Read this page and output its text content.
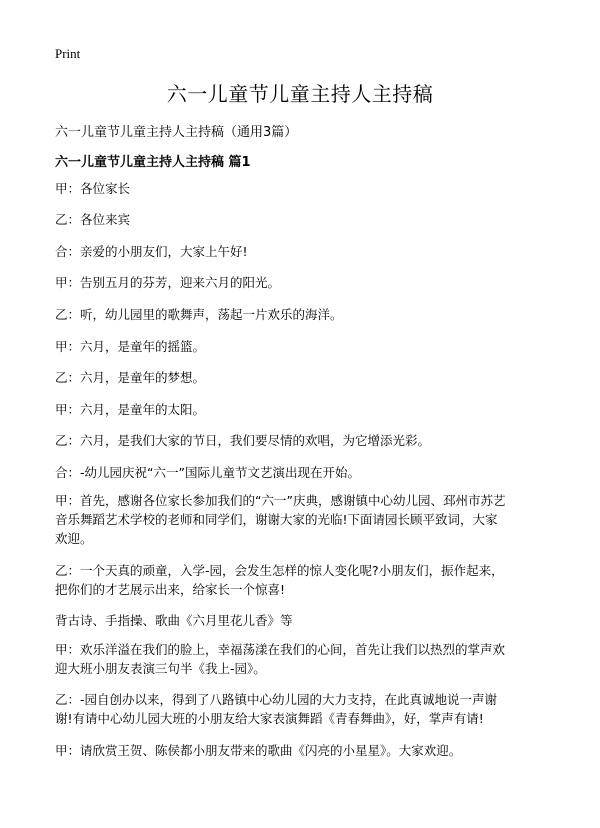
Print
六一儿童节儿童主持人主持稿
六一儿童节儿童主持人主持稿（通用3篇）
六一儿童节儿童主持人主持稿 篇1
甲：各位家长
乙：各位来宾
合：亲爱的小朋友们，大家上午好!
甲：告别五月的芬芳，迎来六月的阳光。
乙：听，幼儿园里的歌舞声，荡起一片欢乐的海洋。
甲：六月，是童年的摇篮。
乙：六月，是童年的梦想。
甲：六月，是童年的太阳。
乙：六月，是我们大家的节日，我们要尽情的欢唱，为它增添光彩。
合：-幼儿园庆祝“六一”国际儿童节文艺演出现在开始。
甲：首先，感谢各位家长参加我们的“六一”庆典，感谢镇中心幼儿园、邳州市苏艺
音乐舞蹈艺术学校的老师和同学们，谢谢大家的光临!下面请园长顾平致词，大家
欢迎。
乙：一个天真的顽童，入学-园，会发生怎样的惊人变化呢?小朋友们，振作起来，
把你们的才艺展示出来，给家长一个惊喜!
背古诗、手指操、歌曲《六月里花儿香》等
甲：欢乐洋溢在我们的脸上，幸福荡漾在我们的心间，首先让我们以热烈的掌声欢
迎大班小朋友表演三句半《我上-园》。
乙：-园自创办以来，得到了八路镇中心幼儿园的大力支持，在此真诚地说一声谢
谢!有请中心幼儿园大班的小朋友给大家表演舞蹈《青春舞曲》，好，掌声有请!
甲：请欣赏王贺、陈侯都小朋友带来的歌曲《闪亮的小星星》。大家欢迎。
